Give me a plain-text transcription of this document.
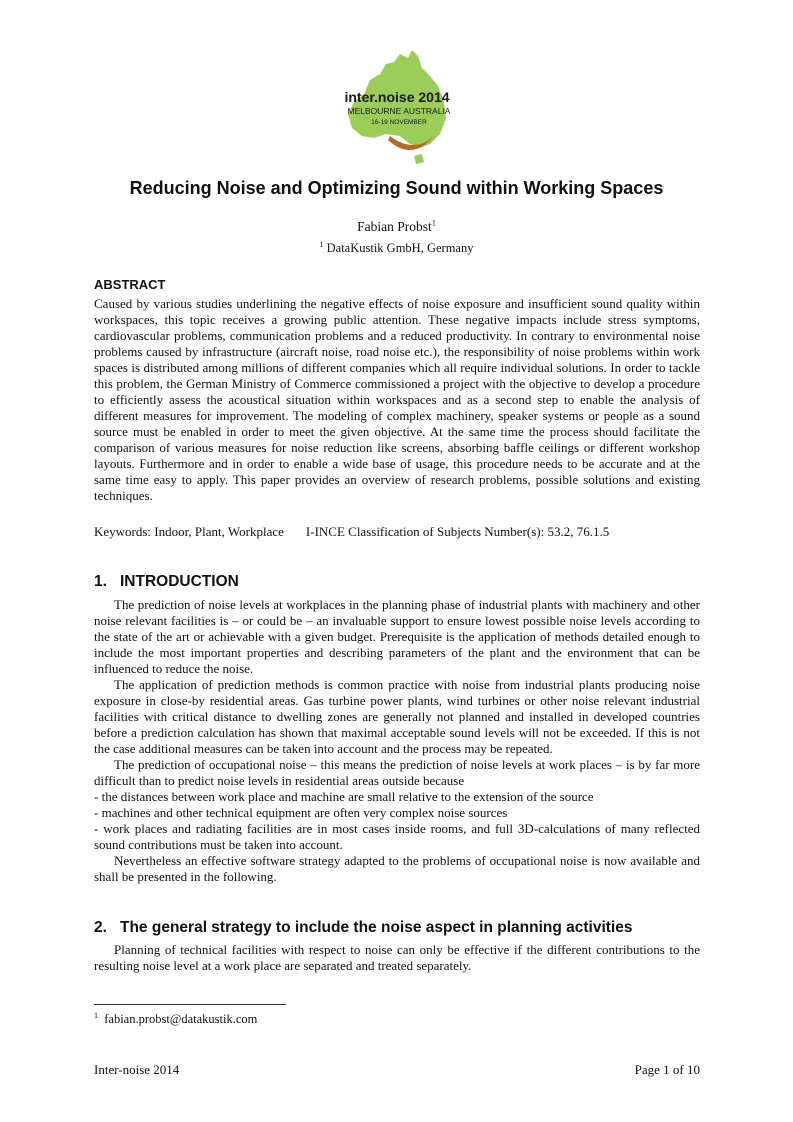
inter.noise 2014
MELBOURNE AUSTRALIA
16-19 NOVEMBER
Reducing Noise and Optimizing Sound within Working Spaces
Fabian Probst$^1$
$^1$ DataKustik GmbH, Germany
ABSTRACT

Caused by various studies underlining the negative effects of noise exposure and insufficient sound quality within workspaces, this topic receives a growing public attention. These negative impacts include stress symptoms, cardiovascular problems, communication problems and a reduced productivity. In contrary to environmental noise problems caused by infrastructure (aircraft noise, road noise etc.), the responsibility of noise problems within work spaces is distributed among millions of different companies which all require individual solutions. In order to tackle this problem, the German Ministry of Commerce commissioned a project with the objective to develop a procedure to efficiently assess the acoustical situation within workspaces and as a second step to enable the analysis of different measures for improvement. The modeling of complex machinery, speaker systems or people as a sound source must be enabled in order to meet the given objective. At the same time the process should facilitate the comparison of various measures for noise reduction like screens, absorbing baffle ceilings or different workshop layouts. Furthermore and in order to enable a wide base of usage, this procedure needs to be accurate and at the same time easy to apply. This paper provides an overview of research problems, possible solutions and existing techniques.

Keywords: Indoor, Plant, Workplace I-INCE Classification of Subjects Number(s): 53.2, 76.1.5
1. INTRODUCTION

The prediction of noise levels at workplaces in the planning phase of industrial plants with machinery and other noise relevant facilities is – or could be – an invaluable support to ensure lowest possible noise levels according to the state of the art or achievable with a given budget. Prerequisite is the application of methods detailed enough to include the most important properties and describing parameters of the plant and the environment that can be influenced to reduce the noise.

The application of prediction methods is common practice with noise from industrial plants producing noise exposure in close-by residential areas. Gas turbine power plants, wind turbines or other noise relevant industrial facilities with critical distance to dwelling zones are generally not planned and installed in developed countries before a prediction calculation has shown that maximal acceptable sound levels will not be exceeded. If this is not the case additional measures can be taken into account and the process may be repeated.

The prediction of occupational noise – this means the prediction of noise levels at work places – is by far more difficult than to predict noise levels in residential areas outside because

- the distances between work place and machine are small relative to the extension of the source

- machines and other technical equipment are often very complex noise sources

- work places and radiating facilities are in most cases inside rooms, and full 3D-calculations of many reflected sound contributions must be taken into account.

Nevertheless an effective software strategy adapted to the problems of occupational noise is now available and shall be presented in the following.

2. The general strategy to include the noise aspect in planning activities

Planning of technical facilities with respect to noise can only be effective if the different contributions to the resulting noise level at a work place are separated and treated separately.

$^1$ fabian.probst@datakustik.com
Inter-noise 2014	Page 1 of 10
